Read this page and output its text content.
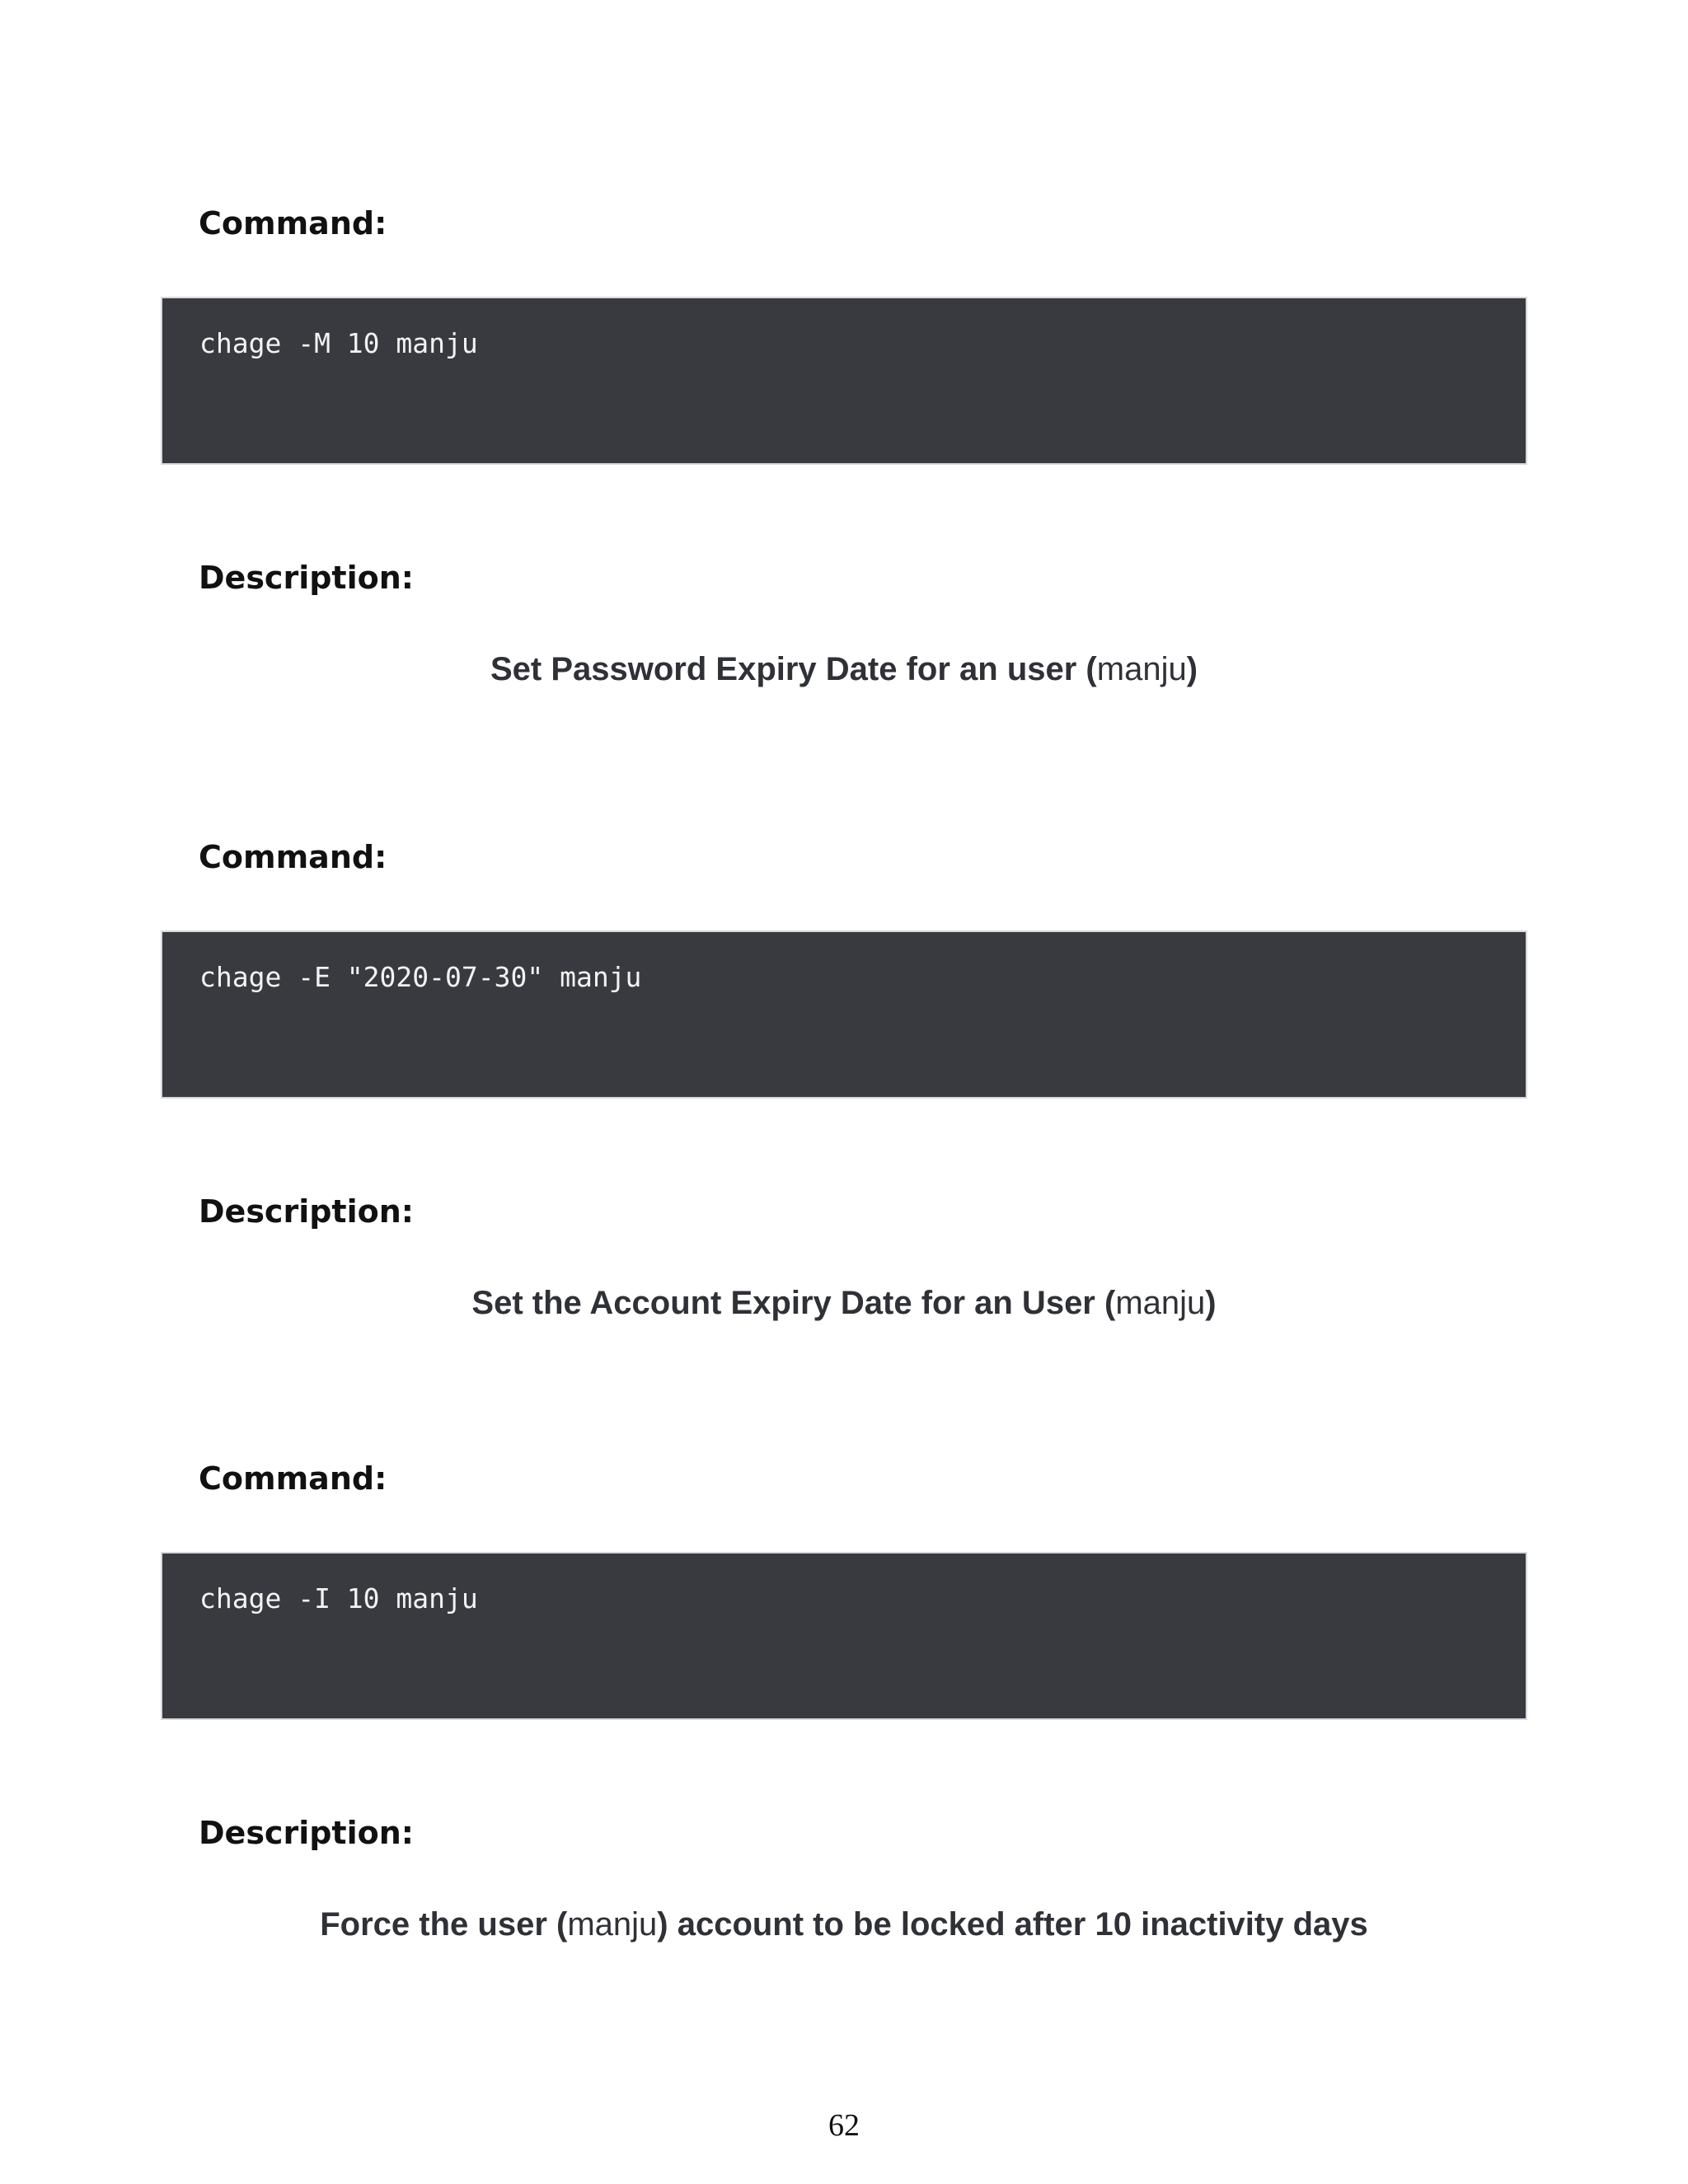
Command:
chage -M 10 manju
Description:
Set Password Expiry Date for an user (manju)
Command:
chage -E "2020-07-30" manju
Description:
Set the Account Expiry Date for an User (manju)
Command:
chage -I 10 manju
Description:
Force the user (manju) account to be locked after 10 inactivity days
62
